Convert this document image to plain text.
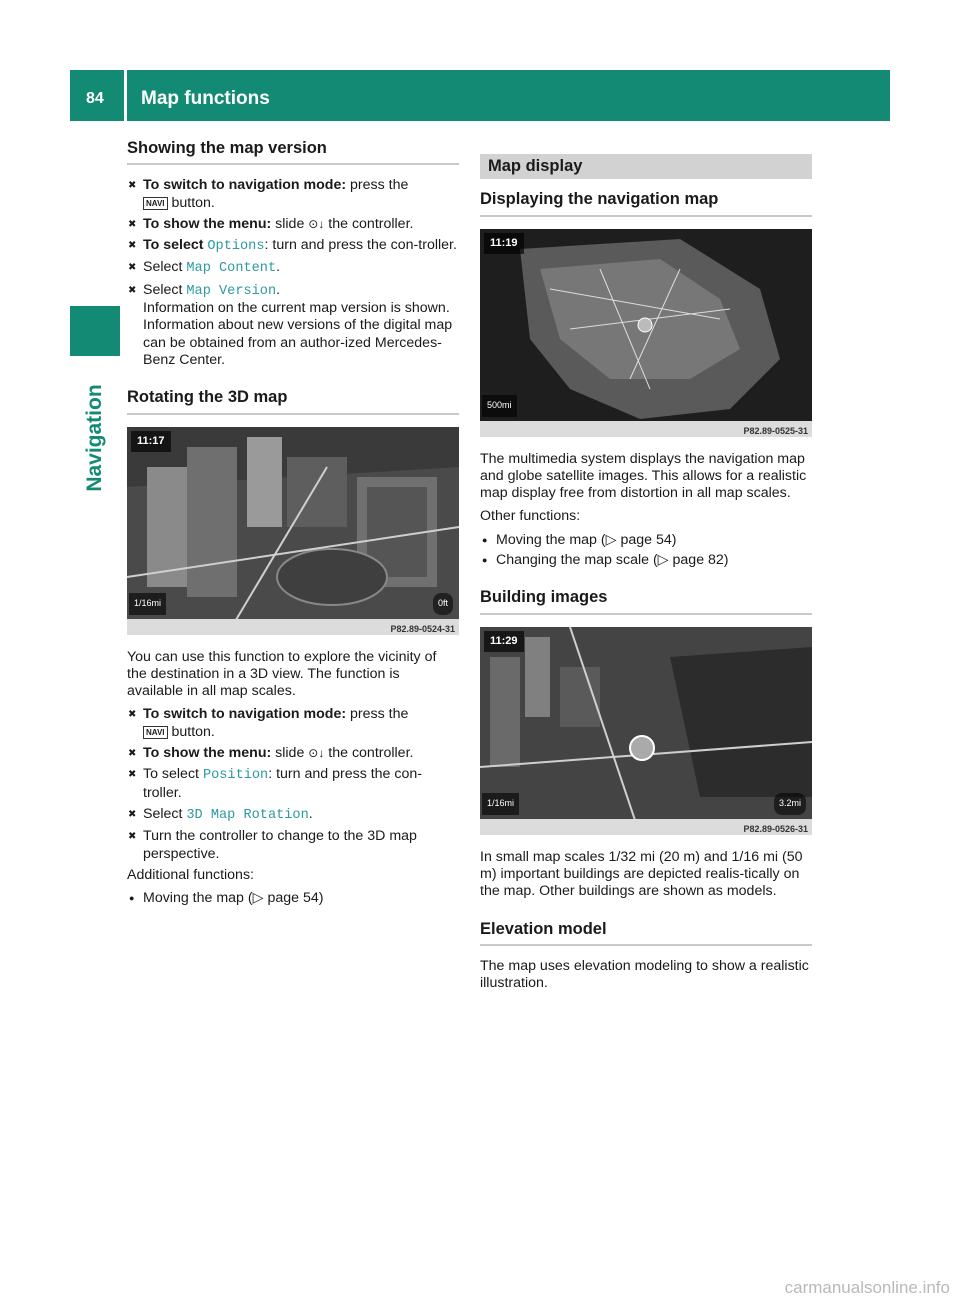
84 Map functions
Navigation
Showing the map version
✖ To switch to navigation mode: press the
NAVI button.
✖ To show the menu: slide ⊙↓ the controller.
✖ To select Options: turn and press the con-troller.
✖ Select Map Content.
✖ Select Map Version.
Information on the current map version is shown. Information about new versions of the digital map can be obtained from an author-ized Mercedes-Benz Center.
Rotating the 3D map
11:17
1/16mi	0ft
P82.89-0524-31

You can use this function to explore the vicinity of the destination in a 3D view. The function is available in all map scales.

✖ To switch to navigation mode: press the
NAVI button.
✖ To show the menu: slide ⊙↓ the controller.
✖ To select Position: turn and press the con-troller.
✖ Select 3D Map Rotation.
✖ Turn the controller to change to the 3D map perspective.

Additional functions:

● Moving the map (▷ page 54)
Map display
Displaying the navigation map
11:19
500mi
P82.89-0525-31

The multimedia system displays the navigation map and globe satellite images. This allows for a realistic map display free from distortion in all map scales.

Other functions:

● Moving the map (▷ page 54)
● Changing the map scale (▷ page 82)
Building images
11:29
1/16mi	3.2mi
P82.89-0526-31

In small map scales 1/32 mi (20 m) and 1/16 mi (50 m) important buildings are depicted realis-tically on the map. Other buildings are shown as models.

Elevation model

The map uses elevation modeling to show a realistic illustration.

carmanualsonline.info
